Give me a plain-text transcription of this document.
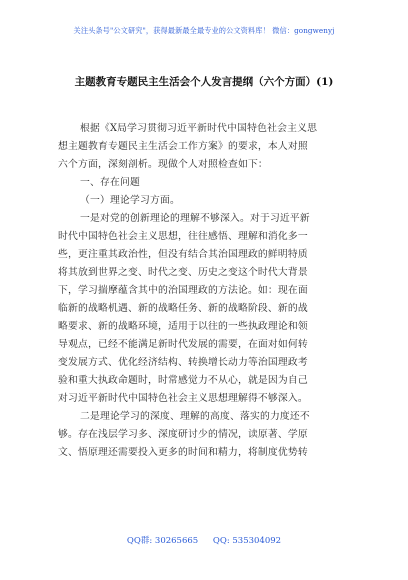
关注头条号"公文研究"，获得最新最全最专业的公文资料库！ 微信：gongwenyj
主题教育专题民主生活会个人发言提纲（六个方面）(1)
根据《X局学习贯彻习近平新时代中国特色社会主义思
想主题教育专题民主生活会工作方案》的要求，本人对照
六个方面，深刻剖析。现做个人对照检查如下：
一、存在问题
（一）理论学习方面。
一是对党的创新理论的理解不够深入。对于习近平新
时代中国特色社会主义思想，往往感悟、理解和消化多一
些，更注重其政治性，但没有结合其治国理政的鲜明特质
将其放到世界之变、时代之变、历史之变这个时代大背景
下，学习揣摩蕴含其中的治国理政的方法论。如：现在面
临新的战略机遇、新的战略任务、新的战略阶段、新的战
略要求、新的战略环境，适用于以往的一些执政理论和领
导观点，已经不能满足新时代发展的需要，在面对如何转
变发展方式、优化经济结构、转换增长动力等治国理政考
验和重大执政命题时，时常感觉力不从心，就是因为自己
对习近平新时代中国特色社会主义思想理解得不够深入。
二是理论学习的深度、理解的高度、落实的力度还不
够。存在浅层学习多、深度研讨少的情况，读原著、学原
文、悟原理还需要投入更多的时间和精力，将制度优势转
QQ群: 30265665 QQ: 535304092
